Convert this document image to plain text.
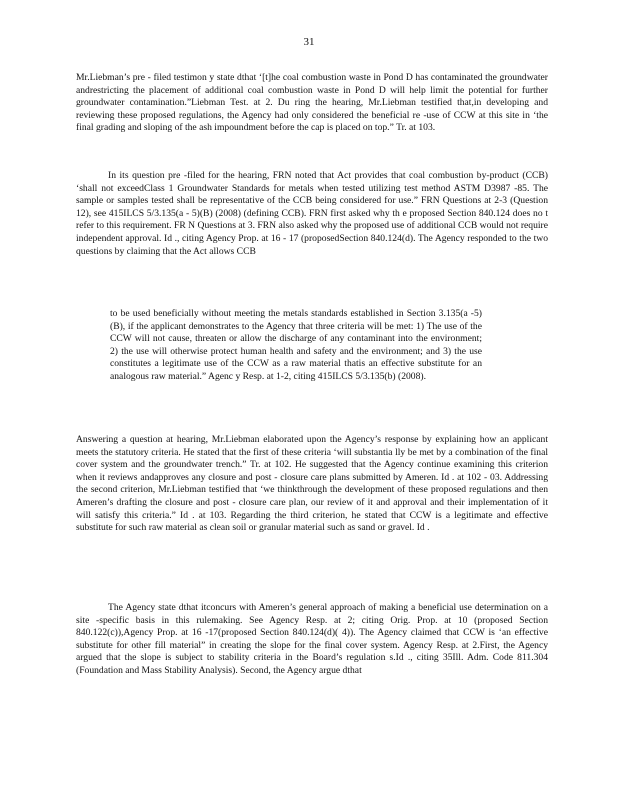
31

Mr.Liebman’s pre - filed testimon y state dthat ‘[t]he coal combustion waste in Pond D has contaminated the groundwater andrestricting the placement of additional coal combustion waste in Pond D will help limit the potential for further groundwater contamination.”Liebman Test. at 2. Du ring the hearing, Mr.Liebman testified that,in developing and reviewing these proposed regulations, the Agency had only considered the beneficial re -use of CCW at this site in ‘the final grading and sloping of the ash impoundment before the cap is placed on top.” Tr. at 103.

In its question pre -filed for the hearing, FRN noted that Act provides that coal combustion by-product (CCB) ‘shall not exceedClass 1 Groundwater Standards for metals when tested utilizing test method ASTM D3987 -85. The sample or samples tested shall be representative of the CCB being considered for use.” FRN Questions at 2-3 (Question 12), see 415ILCS 5/3.135(a - 5)(B) (2008) (defining CCB). FRN first asked why th e proposed Section 840.124 does no t refer to this requirement. FR N Questions at 3. FRN also asked why the proposed use of additional CCB would not require independent approval. Id ., citing Agency Prop. at 16 - 17 (proposedSection 840.124(d). The Agency responded to the two questions by claiming that the Act allows CCB

to be used beneficially without meeting the metals standards established in Section 3.135(a -5)(B), if the applicant demonstrates to the Agency that three criteria will be met: 1) The use of the CCW will not cause, threaten or allow the discharge of any contaminant into the environment; 2) the use will otherwise protect human health and safety and the environment; and 3) the use constitutes a legitimate use of the CCW as a raw material thatis an effective substitute for an analogous raw material.” Agenc y Resp. at 1-2, citing 415ILCS 5/3.135(b) (2008).

Answering a question at hearing, Mr.Liebman elaborated upon the Agency’s response by explaining how an applicant meets the statutory criteria. He stated that the first of these criteria ‘will substantia lly be met by a combination of the final cover system and the groundwater trench.” Tr. at 102. He suggested that the Agency continue examining this criterion when it reviews andapproves any closure and post - closure care plans submitted by Ameren. Id . at 102 - 03. Addressing the second criterion, Mr.Liebman testified that ‘we thinkthrough the development of these proposed regulations and then Ameren’s drafting the closure and post - closure care plan, our review of it and approval and their implementation of it will satisfy this criteria.” Id . at 103. Regarding the third criterion, he stated that CCW is a legitimate and effective substitute for such raw material as clean soil or granular material such as sand or gravel. Id .

The Agency state dthat itconcurs with Ameren’s general approach of making a beneficial use determination on a site -specific basis in this rulemaking. See Agency Resp. at 2; citing Orig. Prop. at 10 (proposed Section 840.122(c)),Agency Prop. at 16 -17(proposed Section 840.124(d)( 4)). The Agency claimed that CCW is ‘an effective substitute for other fill material” in creating the slope for the final cover system. Agency Resp. at 2.First, the Agency argued that the slope is subject to stability criteria in the Board’s regulation s.Id ., citing 35Ill. Adm. Code 811.304 (Foundation and Mass Stability Analysis). Second, the Agency argue dthat
